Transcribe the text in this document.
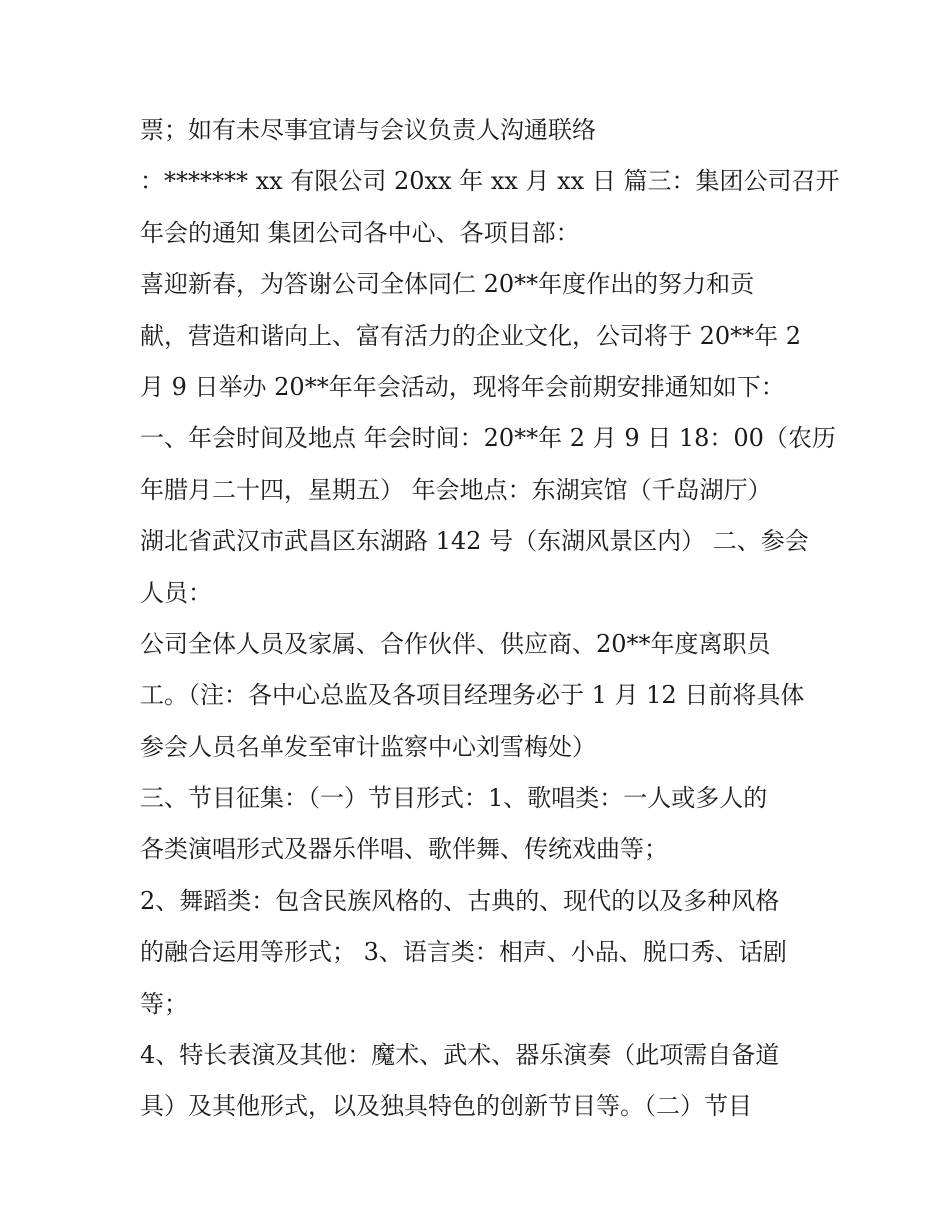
票；如有未尽事宜请与会议负责人沟通联络
：******* xx 有限公司 20xx 年 xx 月 xx 日 篇三：集团公司召开
年会的通知 集团公司各中心、各项目部：
喜迎新春，为答谢公司全体同仁 20**年度作出的努力和贡
献，营造和谐向上、富有活力的企业文化，公司将于 20**年 2
月 9 日举办 20**年年会活动，现将年会前期安排通知如下：
一、年会时间及地点 年会时间：20**年 2 月 9 日 18：00（农历
年腊月二十四，星期五） 年会地点：东湖宾馆（千岛湖厅）
湖北省武汉市武昌区东湖路 142 号（东湖风景区内） 二、参会
人员：
公司全体人员及家属、合作伙伴、供应商、20**年度离职员
工。（注：各中心总监及各项目经理务必于 1 月 12 日前将具体
参会人员名单发至审计监察中心刘雪梅处）
三、节目征集：（一）节目形式：1、歌唱类：一人或多人的
各类演唱形式及器乐伴唱、歌伴舞、传统戏曲等；
2、舞蹈类：包含民族风格的、古典的、现代的以及多种风格
的融合运用等形式； 3、语言类：相声、小品、脱口秀、话剧
等；
4、特长表演及其他：魔术、武术、器乐演奏（此项需自备道
具）及其他形式，以及独具特色的创新节目等。（二）节目
